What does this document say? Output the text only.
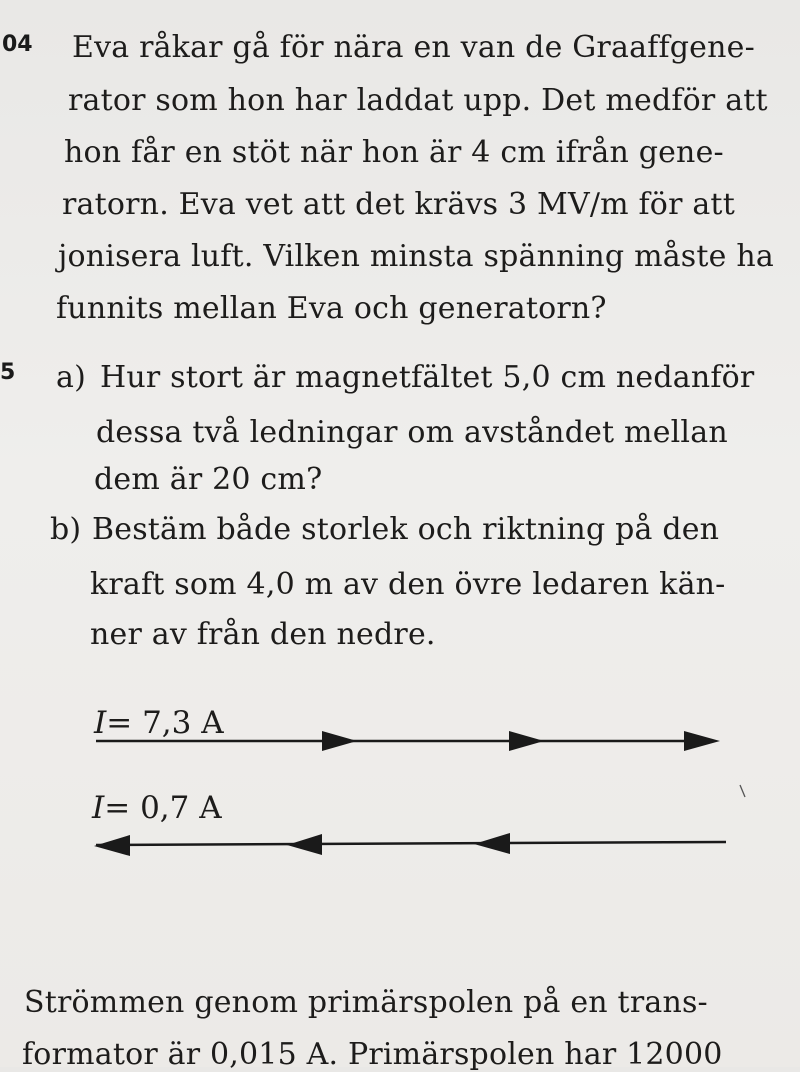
04 Eva råkar gå för nära en van de Graaffgene-
rator som hon har laddat upp. Det medför att
hon får en stöt när hon är 4 cm ifrån gene-
ratorn. Eva vet att det krävs 3 MV/m för att
jonisera luft. Vilken minsta spänning måste ha
funnits mellan Eva och generatorn?
5 a) Hur stort är magnetfältet 5,0 cm nedanför
dessa två ledningar om avståndet mellan
dem är 20 cm?
b) Bestäm både storlek och riktning på den
kraft som 4,0 m av den övre ledaren kän-
ner av från den nedre.
I= 7,3 A
I= 0,7 A
Strömmen genom primärspolen på en trans-
formator är 0,015 A. Primärspolen har 12000
